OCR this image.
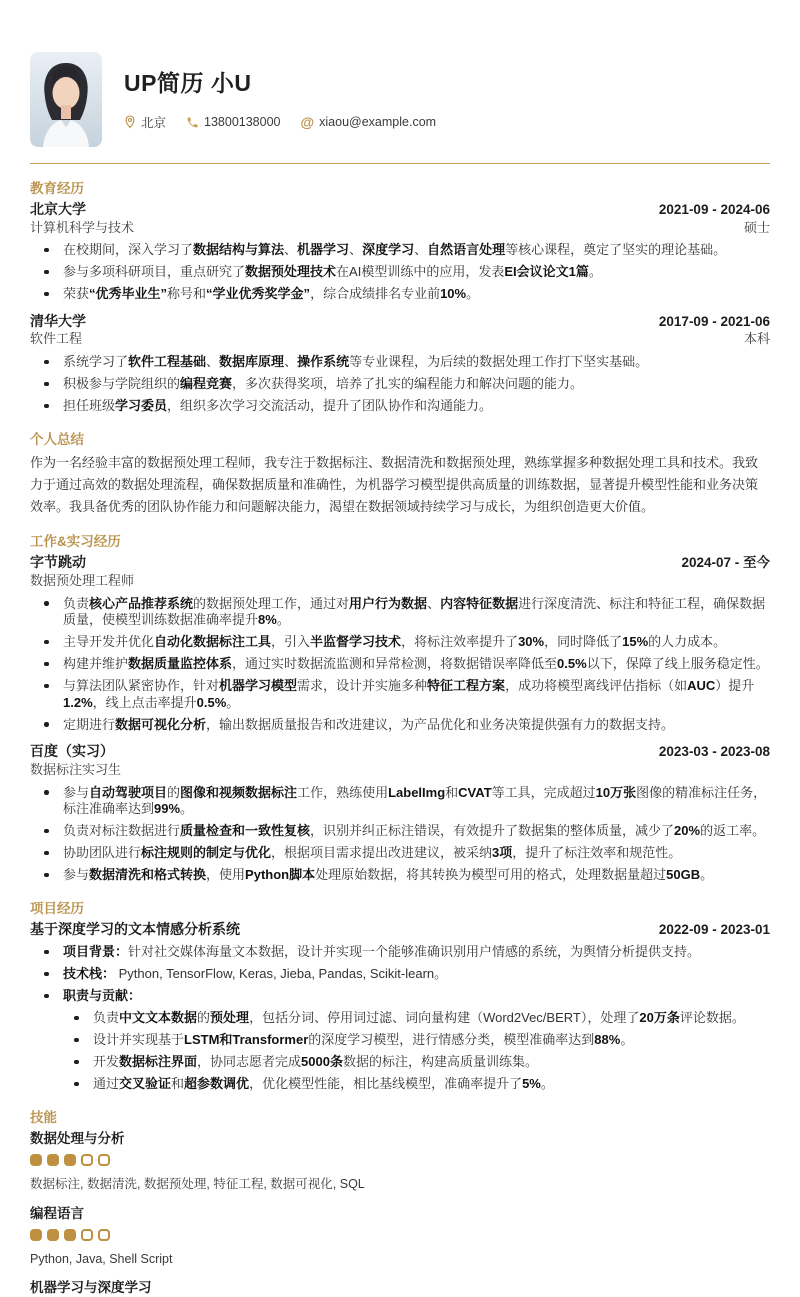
UP简历 小U
北京	13800138000 @ xiaou@example.com
教育经历
北京大学	2021-09 - 2024-06
计算机科学与技术	硕士
在校期间，深入学习了数据结构与算法、机器学习、深度学习、自然语言处理等核心课程，奠定了坚实的理论基础。
参与多项科研项目，重点研究了数据预处理技术在AI模型训练中的应用，发表EI会议论文1篇。
荣获“优秀毕业生”称号和“学业优秀奖学金”，综合成绩排名专业前10%。
清华大学	2017-09 - 2021-06
软件工程	本科
系统学习了软件工程基础、数据库原理、操作系统等专业课程，为后续的数据处理工作打下坚实基础。
积极参与学院组织的编程竞赛，多次获得奖项，培养了扎实的编程能力和解决问题的能力。
担任班级学习委员，组织多次学习交流活动，提升了团队协作和沟通能力。
个人总结

作为一名经验丰富的数据预处理工程师，我专注于数据标注、数据清洗和数据预处理，熟练掌握多种数据处理工具和技术。我致力于通过高效的数据处理流程，确保数据质量和准确性，为机器学习模型提供高质量的训练数据，显著提升模型性能和业务决策效率。我具备优秀的团队协作能力和问题解决能力，渴望在数据领域持续学习与成长，为组织创造更大价值。

工作&实习经历
字节跳动	2024-07 - 至今
数据预处理工程师
负责核心产品推荐系统的数据预处理工作，通过对用户行为数据、内容特征数据进行深度清洗、标注和特征工程，确保数据质量，使模型训练数据准确率提升8%。
主导开发并优化自动化数据标注工具，引入半监督学习技术，将标注效率提升了30%，同时降低了15%的人力成本。
构建并维护数据质量监控体系，通过实时数据流监测和异常检测，将数据错误率降低至0.5%以下，保障了线上服务稳定性。
与算法团队紧密协作，针对机器学习模型需求，设计并实施多种特征工程方案，成功将模型离线评估指标（如AUC）提升1.2%，线上点击率提升0.5%。
定期进行数据可视化分析，输出数据质量报告和改进建议，为产品优化和业务决策提供强有力的数据支持。
百度（实习）	2023-03 - 2023-08
数据标注实习生
参与自动驾驶项目的图像和视频数据标注工作，熟练使用LabelImg和CVAT等工具，完成超过10万张图像的精准标注任务，标注准确率达到99%。
负责对标注数据进行质量检查和一致性复核，识别并纠正标注错误，有效提升了数据集的整体质量，减少了20%的返工率。
协助团队进行标注规则的制定与优化，根据项目需求提出改进建议，被采纳3项，提升了标注效率和规范性。
参与数据清洗和格式转换，使用Python脚本处理原始数据，将其转换为模型可用的格式，处理数据量超过50GB。
项目经历
基于深度学习的文本情感分析系统	2022-09 - 2023-01
项目背景：针对社交媒体海量文本数据，设计并实现一个能够准确识别用户情感的系统，为舆情分析提供支持。
技术栈： Python, TensorFlow, Keras, Jieba, Pandas, Scikit-learn。
职责与贡献：
负责中文文本数据的预处理，包括分词、停用词过滤、词向量构建（Word2Vec/BERT），处理了20万条评论数据。
设计并实现基于LSTM和Transformer的深度学习模型，进行情感分类，模型准确率达到88%。
开发数据标注界面，协同志愿者完成5000条数据的标注，构建高质量训练集。
通过交叉验证和超参数调优，优化模型性能，相比基线模型，准确率提升了5%。
技能
数据处理与分析
数据标注, 数据清洗, 数据预处理, 特征工程, 数据可视化, SQL
编程语言
Python, Java, Shell Script
机器学习与深度学习
